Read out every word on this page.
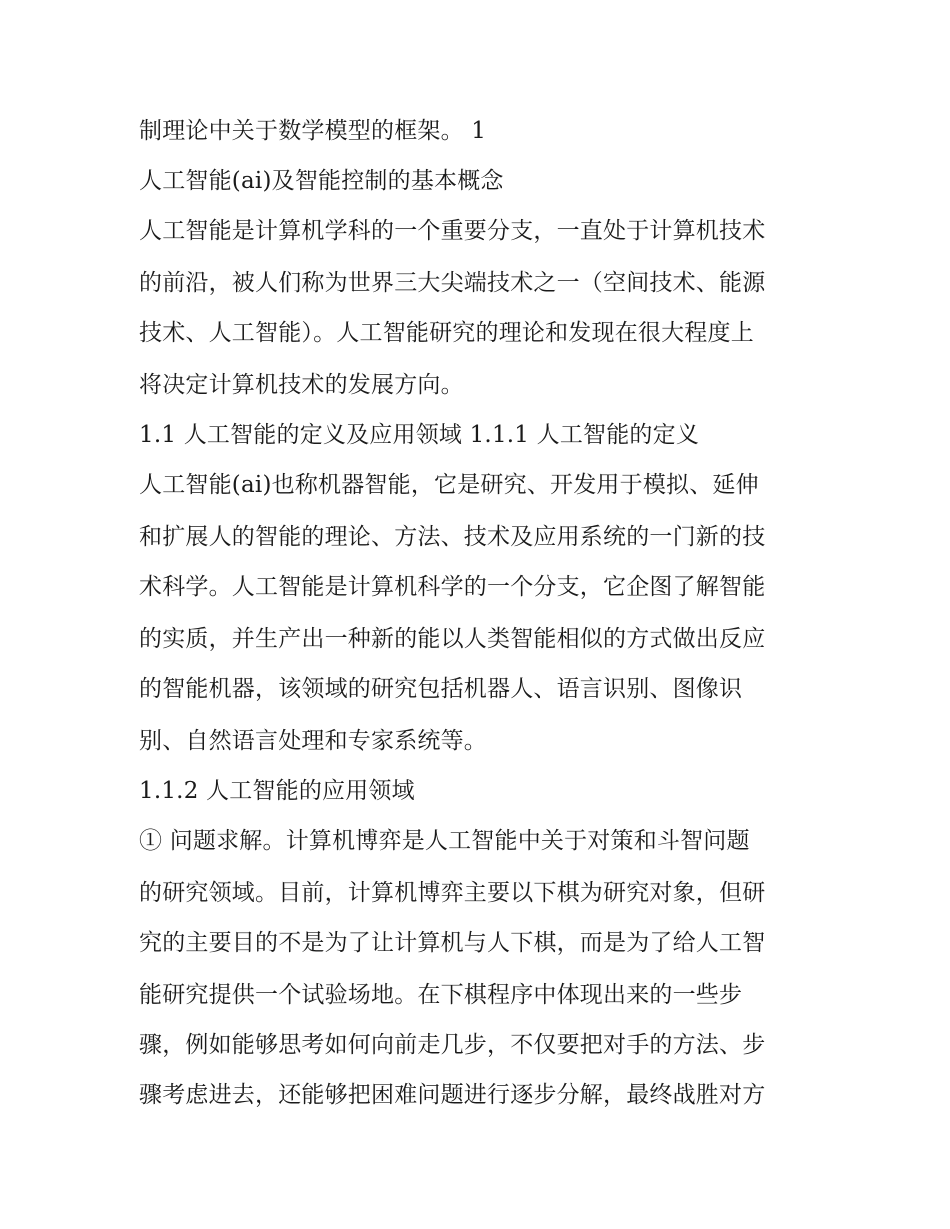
制理论中关于数学模型的框架。 1
人工智能(ai)及智能控制的基本概念
人工智能是计算机学科的一个重要分支，一直处于计算机技术
的前沿，被人们称为世界三大尖端技术之一（空间技术、能源
技术、人工智能）。人工智能研究的理论和发现在很大程度上
将决定计算机技术的发展方向。
1.1 人工智能的定义及应用领域 1.1.1 人工智能的定义
人工智能(ai)也称机器智能，它是研究、开发用于模拟、延伸
和扩展人的智能的理论、方法、技术及应用系统的一门新的技
术科学。人工智能是计算机科学的一个分支，它企图了解智能
的实质，并生产出一种新的能以人类智能相似的方式做出反应
的智能机器，该领域的研究包括机器人、语言识别、图像识
别、自然语言处理和专家系统等。
1.1.2 人工智能的应用领域
① 问题求解。计算机博弈是人工智能中关于对策和斗智问题
的研究领域。目前，计算机博弈主要以下棋为研究对象，但研
究的主要目的不是为了让计算机与人下棋，而是为了给人工智
能研究提供一个试验场地。在下棋程序中体现出来的一些步
骤，例如能够思考如何向前走几步，不仅要把对手的方法、步
骤考虑进去，还能够把困难问题进行逐步分解，最终战胜对方
